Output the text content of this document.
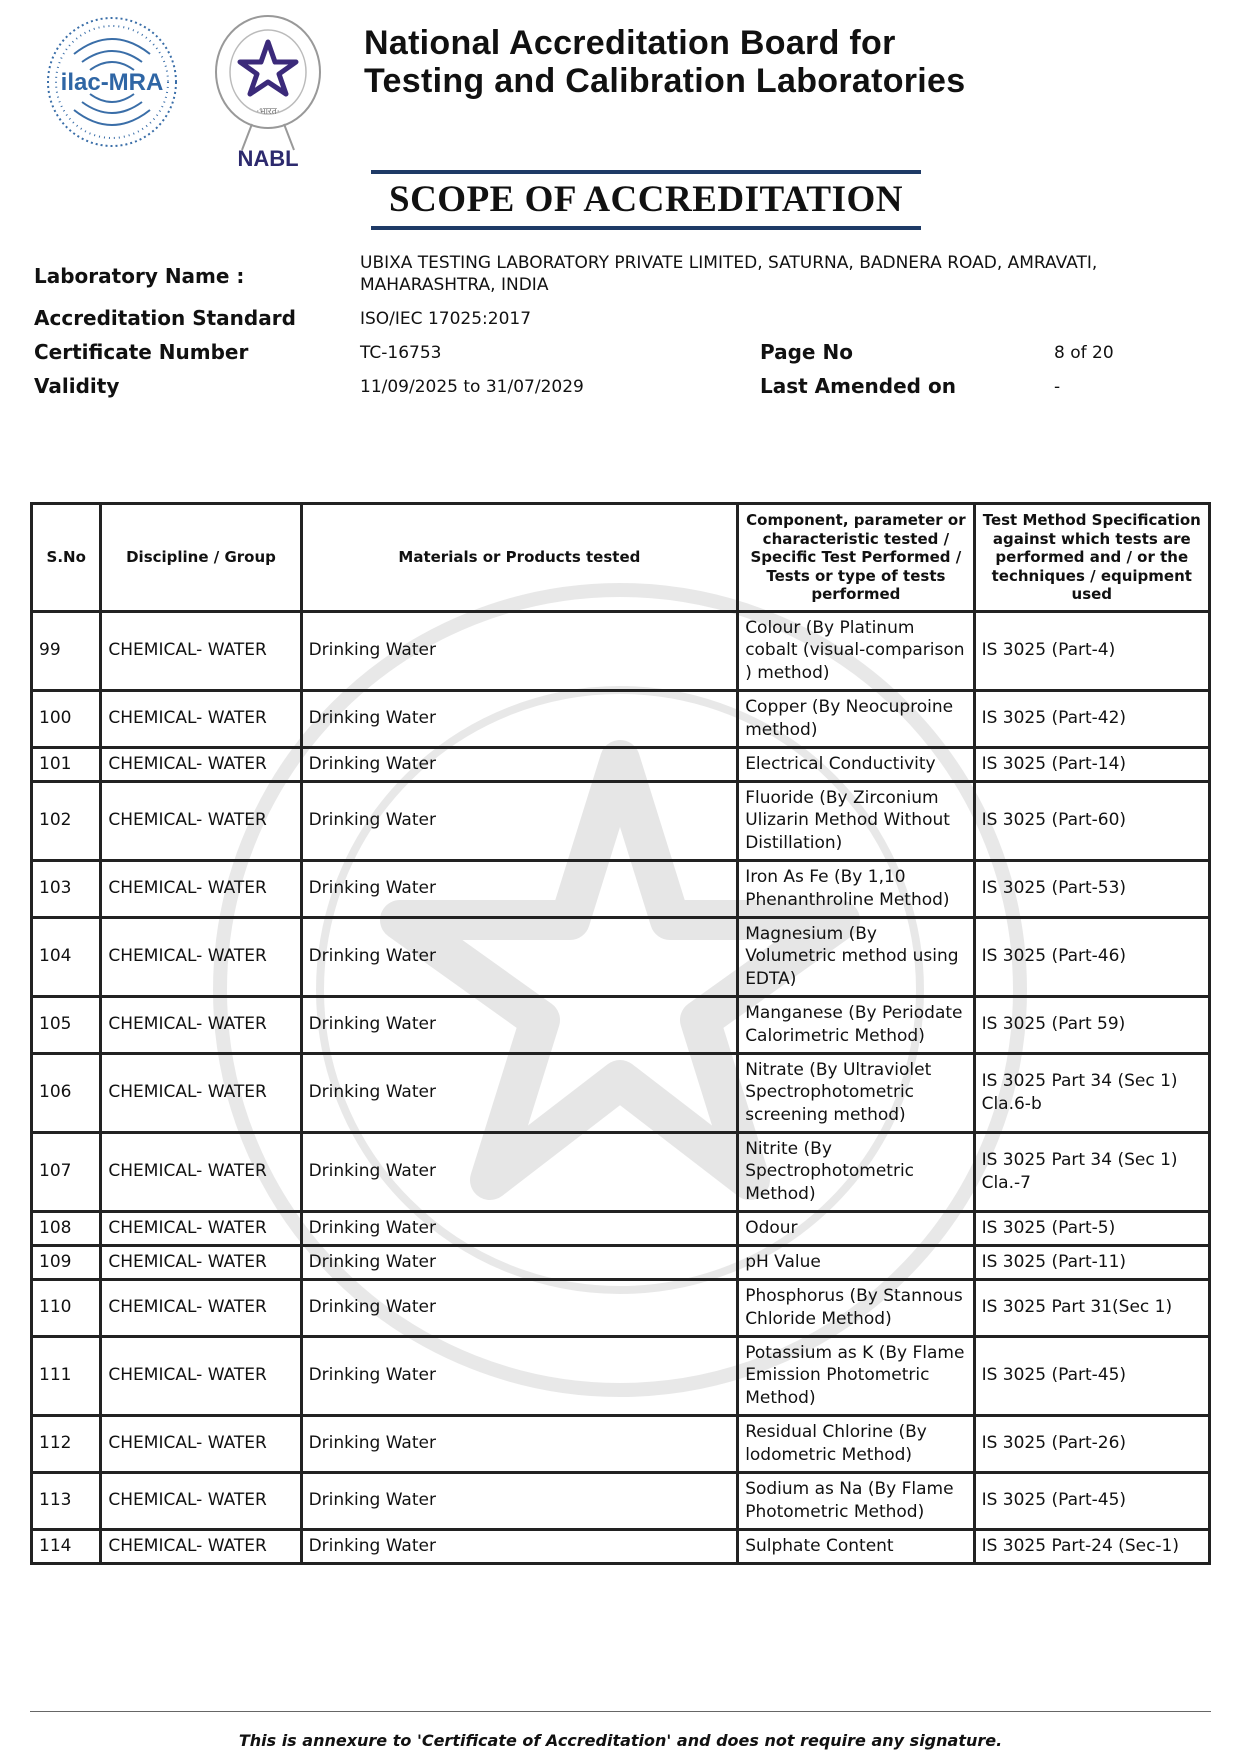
ilac-MRA
·भारत·
NABL
National Accreditation Board for
Testing and Calibration Laboratories
SCOPE OF ACCREDITATION
Laboratory Name :
UBIXA TESTING LABORATORY PRIVATE LIMITED, SATURNA, BADNERA ROAD, AMRAVATI,
MAHARASHTRA, INDIA
Accreditation Standard	ISO/IEC 17025:2017
Certificate Number	TC-16753	Page No	8 of 20
Validity	11/09/2025 to 31/07/2029	Last Amended on	-
S.No	Discipline / Group	Materials or Products tested	Component, parameter or characteristic tested / Specific Test Performed / Tests or type of tests performed	Test Method Specification against which tests are performed and / or the techniques / equipment used
99	CHEMICAL- WATER	Drinking Water	Colour (By Platinum cobalt (visual-comparison ) method)	IS 3025 (Part-4)
100	CHEMICAL- WATER	Drinking Water	Copper (By Neocuproine method)	IS 3025 (Part-42)
101	CHEMICAL- WATER	Drinking Water	Electrical Conductivity	IS 3025 (Part-14)
102	CHEMICAL- WATER	Drinking Water	Fluoride (By Zirconium Ulizarin Method Without Distillation)	IS 3025 (Part-60)
103	CHEMICAL- WATER	Drinking Water	Iron As Fe (By 1,10 Phenanthroline Method)	IS 3025 (Part-53)
104	CHEMICAL- WATER	Drinking Water	Magnesium (By Volumetric method using EDTA)	IS 3025 (Part-46)
105	CHEMICAL- WATER	Drinking Water	Manganese (By Periodate Calorimetric Method)	IS 3025 (Part 59)
106	CHEMICAL- WATER	Drinking Water	Nitrate (By Ultraviolet Spectrophotometric screening method)	IS 3025 Part 34 (Sec 1) Cla.6-b
107	CHEMICAL- WATER	Drinking Water	Nitrite (By Spectrophotometric Method)	IS 3025 Part 34 (Sec 1) Cla.-7
108	CHEMICAL- WATER	Drinking Water	Odour	IS 3025 (Part-5)
109	CHEMICAL- WATER	Drinking Water	pH Value	IS 3025 (Part-11)
110	CHEMICAL- WATER	Drinking Water	Phosphorus (By Stannous Chloride Method)	IS 3025 Part 31(Sec 1)
111	CHEMICAL- WATER	Drinking Water	Potassium as K (By Flame Emission Photometric Method)	IS 3025 (Part-45)
112	CHEMICAL- WATER	Drinking Water	Residual Chlorine (By lodometric Method)	IS 3025 (Part-26)
113	CHEMICAL- WATER	Drinking Water	Sodium as Na (By Flame Photometric Method)	IS 3025 (Part-45)
114	CHEMICAL- WATER	Drinking Water	Sulphate Content	IS 3025 Part-24 (Sec-1)
This is annexure to 'Certificate of Accreditation' and does not require any signature.
